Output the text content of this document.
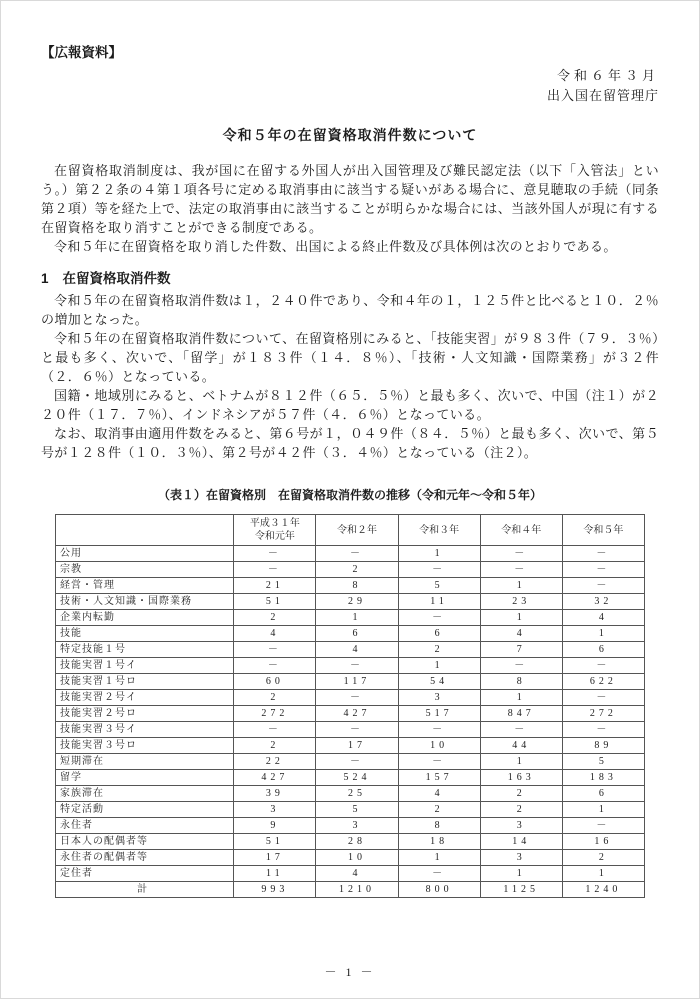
【広報資料】
令和６年３月
出入国在留管理庁
令和５年の在留資格取消件数について

在留資格取消制度は、我が国に在留する外国人が出入国管理及び難民認定法（以下「入管法」という。）第２２条の４第１項各号に定める取消事由に該当する疑いがある場合に、意見聴取の手続（同条第２項）等を経た上で、法定の取消事由に該当することが明らかな場合には、当該外国人が現に有する在留資格を取り消すことができる制度である。

令和５年に在留資格を取り消した件数、出国による終止件数及び具体例は次のとおりである。

1 在留資格取消件数

令和５年の在留資格取消件数は１，２４０件であり、令和４年の１，１２５件と比べると１０．２％の増加となった。

令和５年の在留資格取消件数について、在留資格別にみると、「技能実習」が９８３件（７９．３％）と最も多く、次いで、「留学」が１８３件（１４．８％）、「技術・人文知識・国際業務」が３２件（２．６％）となっている。

国籍・地域別にみると、ベトナムが８１２件（６５．５％）と最も多く、次いで、中国（注１）が２２０件（１７．７％）、インドネシアが５７件（４．６％）となっている。

なお、取消事由適用件数をみると、第６号が１，０４９件（８４．５％）と最も多く、次いで、第５号が１２８件（１０．３％）、第２号が４２件（３．４％）となっている（注２）。

（表１）在留資格別　在留資格取消件数の推移（令和元年～令和５年）

	平成３１年
令和元年	令和２年	令和３年	令和４年	令和５年

公用	－	－	1	－	－
宗教	－	2	－	－	－
経営・管理	21	8	5	1	－
技術・人文知識・国際業務	51	29	11	23	32
企業内転勤	2	1	－	1	4
技能	4	6	6	4	1
特定技能１号	－	4	2	7	6
技能実習１号イ	－	－	1	－	－
技能実習１号ロ	60	117	54	8	622
技能実習２号イ	2	－	3	1	－
技能実習２号ロ	272	427	517	847	272
技能実習３号イ	－	－	－	－	－
技能実習３号ロ	2	17	10	44	89
短期滞在	22	－	－	1	5
留学	427	524	157	163	183
家族滞在	39	25	4	2	6
特定活動	3	5	2	2	1
永住者	9	3	8	3	－
日本人の配偶者等	51	28	18	14	16
永住者の配偶者等	17	10	1	3	2
定住者	11	4	－	1	1
計	993	1210	800	1125	1240
－ 1 －
